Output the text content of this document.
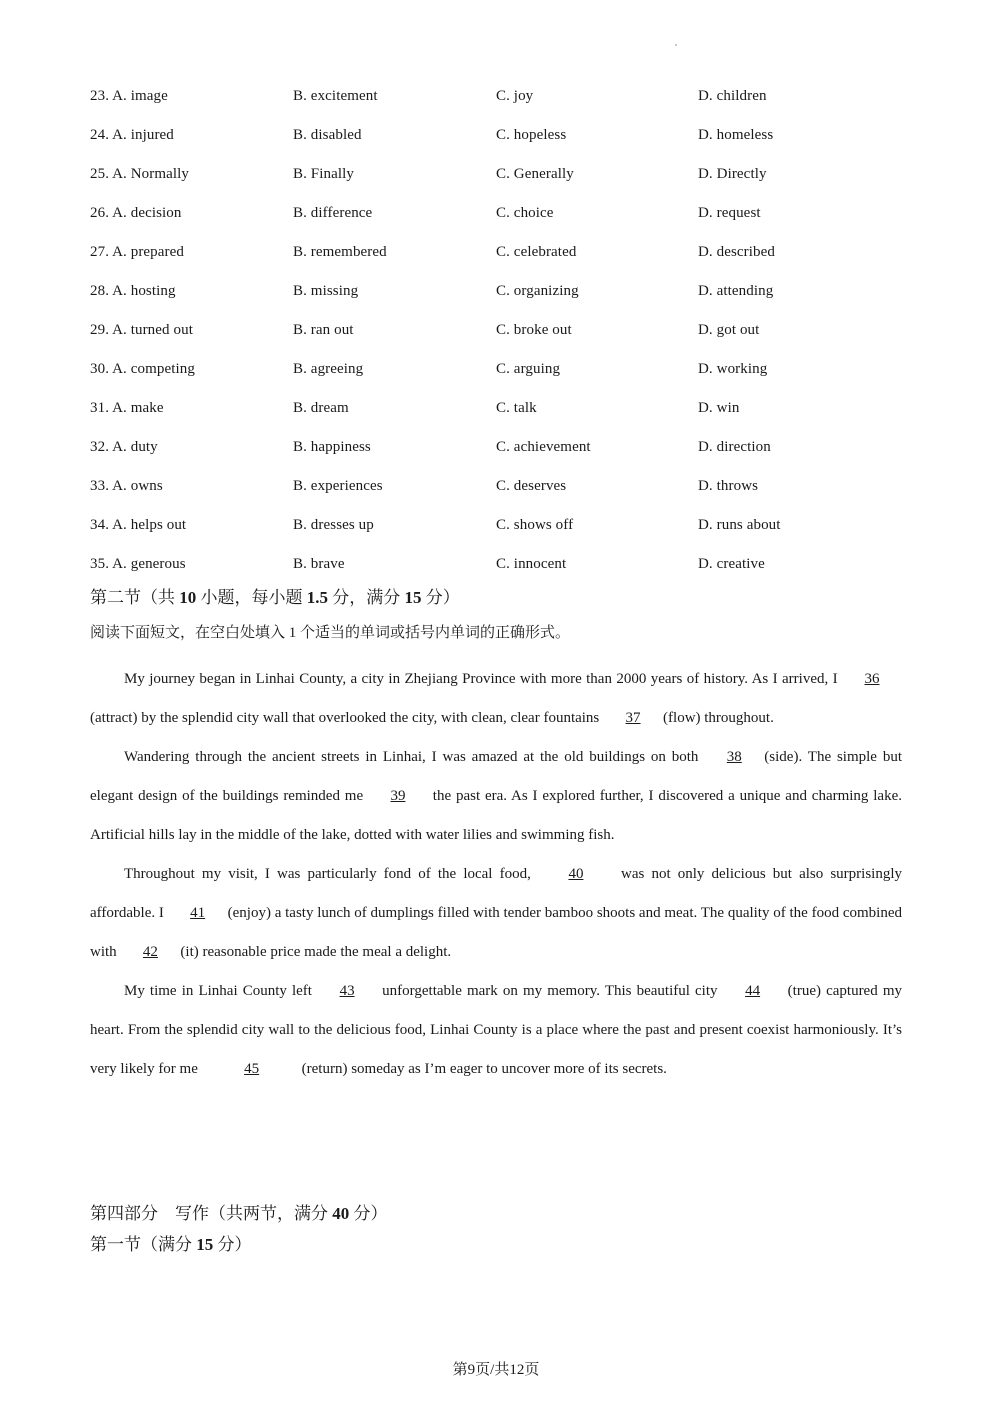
23. A. image	B. excitement	C. joy	D. children
24. A. injured	B. disabled	C. hopeless	D. homeless
25. A. Normally	B. Finally	C. Generally	D. Directly
26. A. decision	B. difference	C. choice	D. request
27. A. prepared	B. remembered	C. celebrated	D. described
28. A. hosting	B. missing	C. organizing	D. attending
29. A. turned out	B. ran out	C. broke out	D. got out
30. A. competing	B. agreeing	C. arguing	D. working
31. A. make	B. dream	C. talk	D. win
32. A. duty	B. happiness	C. achievement	D. direction
33. A. owns	B. experiences	C. deserves	D. throws
34. A. helps out	B. dresses up	C. shows off	D. runs about
35. A. generous	B. brave	C. innocent	D. creative
第二节（共 10 小题，每小题 1.5 分，满分 15 分）
阅读下面短文，在空白处填入 1 个适当的单词或括号内单词的正确形式。

My journey began in Linhai County, a city in Zhejiang Province with more than 2000 years of history. As I arrived, I 36(attract) by the splendid city wall that overlooked the city, with clean, clear fountains 37 (flow) throughout.

Wandering through the ancient streets in Linhai, I was amazed at the old buildings on both 38 (side). The simple but elegant design of the buildings reminded me 39 the past era. As I explored further, I discovered a unique and charming lake. Artificial hills lay in the middle of the lake, dotted with water lilies and swimming fish.

Throughout my visit, I was particularly fond of the local food, 40 was not only delicious but also surprisingly affordable. I 41 (enjoy) a tasty lunch of dumplings filled with tender bamboo shoots and meat. The quality of the food combined with 42 (it) reasonable price made the meal a delight.

My time in Linhai County left 43 unforgettable mark on my memory. This beautiful city 44 (true) captured my heart. From the splendid city wall to the delicious food, Linhai County is a place where the past and present coexist harmoniously. It’s very likely for me	45	(return) someday as I’m eager to uncover more of its secrets.

第四部分　写作（共两节，满分 40 分）
第一节（满分 15 分）
第9页/共12页
